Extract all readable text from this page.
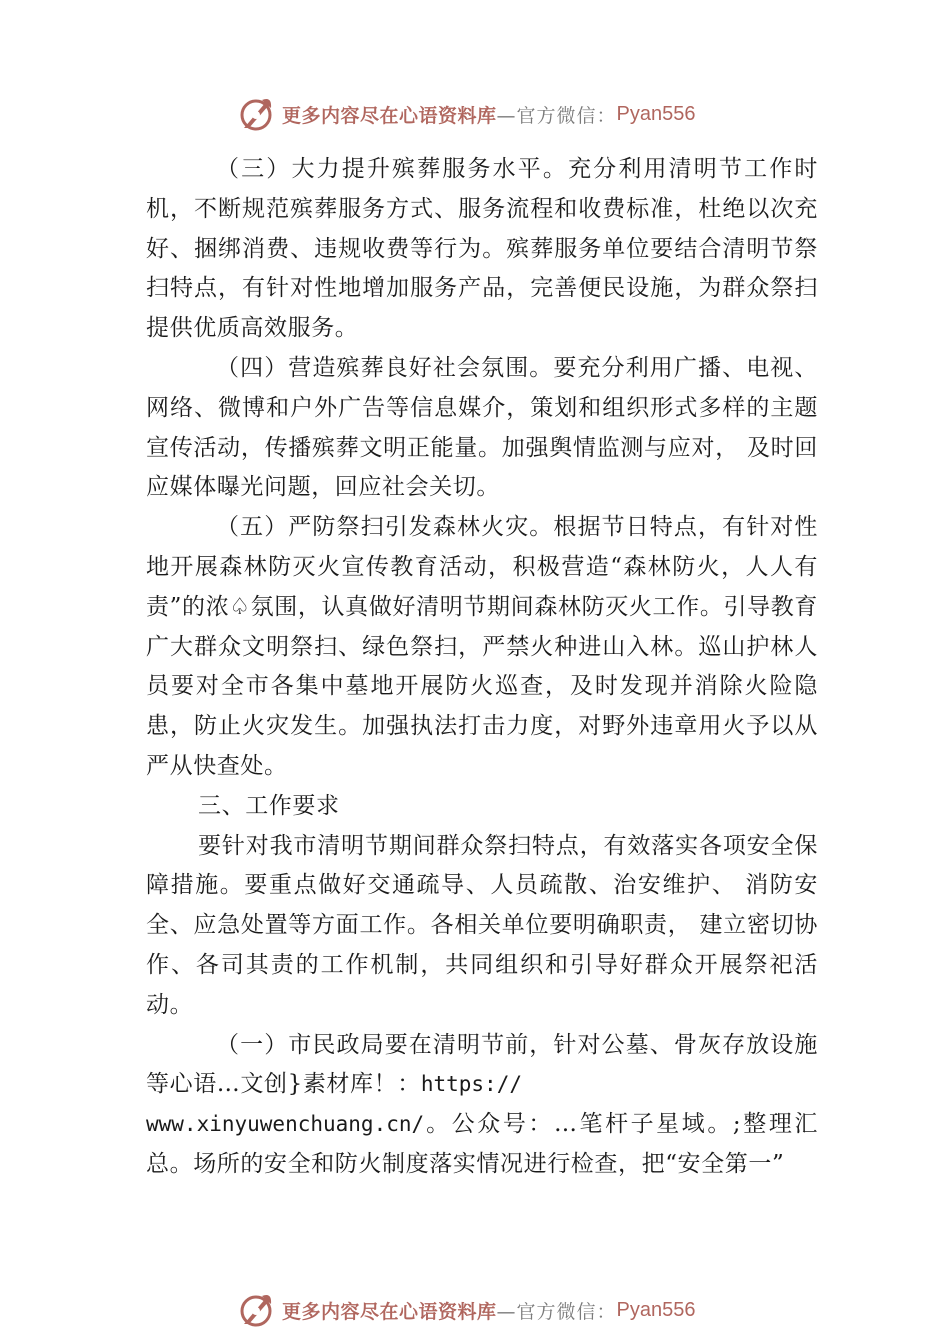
更多内容尽在心语资料库 —官方微信： Pyan556

（三）大力提升殡葬服务水平。充分利用清明节工作时机，不断规范殡葬服务方式、服务流程和收费标准，杜绝以次充好、捆绑消费、违规收费等行为。殡葬服务单位要结合清明节祭扫特点，有针对性地增加服务产品，完善便民设施，为群众祭扫提供优质高效服务。

（四）营造殡葬良好社会氛围。要充分利用广播、电视、网络、微博和户外广告等信息媒介，策划和组织形式多样的主题宣传活动，传播殡葬文明正能量。加强舆情监测与应对， 及时回应媒体曝光问题，回应社会关切。

（五）严防祭扫引发森林火灾。根据节日特点，有针对性地开展森林防灭火宣传教育活动，积极营造“森林防火，人人有责”的浓♤氛围，认真做好清明节期间森林防灭火工作。引导教育广大群众文明祭扫、绿色祭扫，严禁火种进山入林。巡山护林人员要对全市各集中墓地开展防火巡查，及时发现并消除火险隐患，防止火灾发生。加强执法打击力度，对野外违章用火予以从严从快查处。

三、工作要求

要针对我市清明节期间群众祭扫特点，有效落实各项安全保障措施。要重点做好交通疏导、人员疏散、治安维护、 消防安全、应急处置等方面工作。各相关单位要明确职责， 建立密切协作、各司其责的工作机制，共同组织和引导好群众开展祭祀活动。

（一）市民政局要在清明节前，针对公墓、骨灰存放设施等心语…文创}素材库！：https://
www.xinyuwenchuang.cn/。公众号：…笔杆子星域。;整理汇总。场所的安全和防火制度落实情况进行检查，把“安全第一”

更多内容尽在心语资料库 —官方微信： Pyan556
